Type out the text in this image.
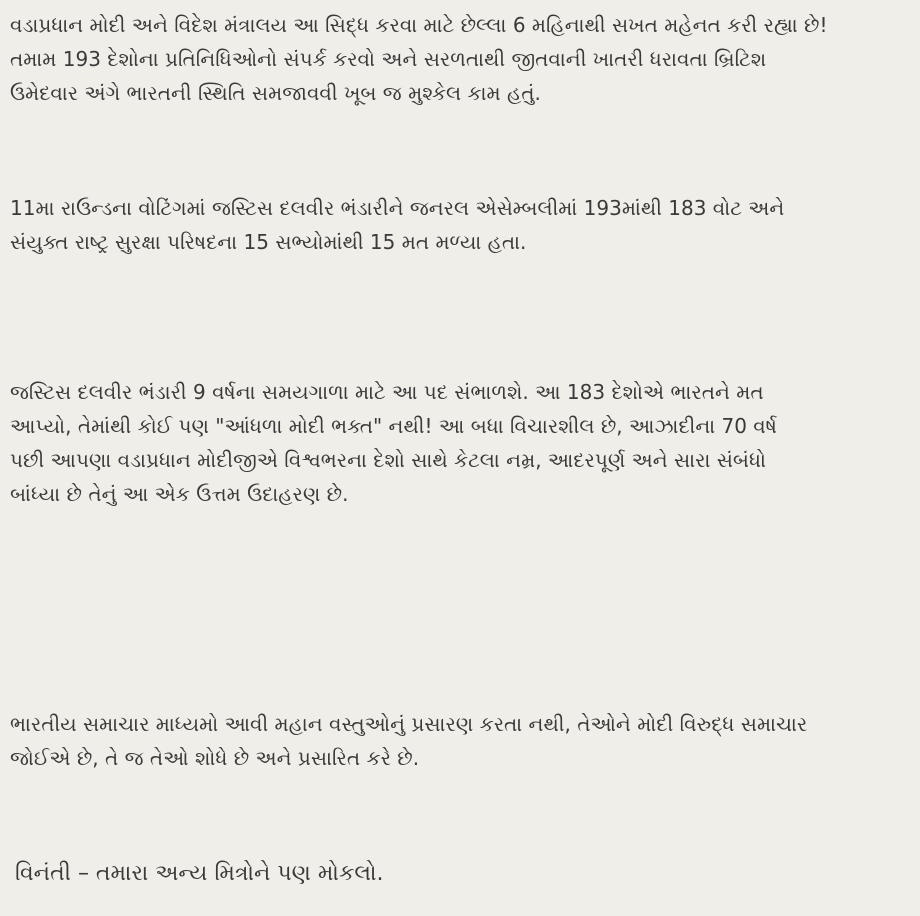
વડાપ્રધાન મોદી અને વિદેશ મંત્રાલય આ સિદ્ધ કરવા માટે છેલ્લા 6 મહિનાથી સખત મહેનત કરી રહ્યા છે!
તમામ 193 દેશોના પ્રતિનિધિઓનો સંપર્ક કરવો અને સરળતાથી જીતવાની ખાતરી ધરાવતા બ્રિટિશ
ઉમેદવાર અંગે ભારતની સ્થિતિ સમજાવવી ખૂબ જ મુશ્કેલ કામ હતું.

11મા રાઉન્ડના વોટિંગમાં જસ્ટિસ દલવીર ભંડારીને જનરલ એસેમ્બલીમાં 193માંથી 183 વોટ અને
સંયુક્ત રાષ્ટ્ર સુરક્ષા પરિષદના 15 સભ્યોમાંથી 15 મત મળ્યા હતા.

જસ્ટિસ દલવીર ભંડારી 9 વર્ષના સમયગાળા માટે આ પદ સંભાળશે. આ 183 દેશોએ ભારતને મત
આપ્યો, તેમાંથી કોઈ પણ "આંધળા મોદી ભક્ત" નથી! આ બધા વિચારશીલ છે, આઝાદીના 70 વર્ષ
પછી આપણા વડાપ્રધાન મોદીજીએ વિશ્વભરના દેશો સાથે કેટલા નમ્ર, આદરપૂર્ણ અને સારા સંબંધો
બાંધ્યા છે તેનું આ એક ઉત્તમ ઉદાહરણ છે.

ભારતીય સમાચાર માધ્યમો આવી મહાન વસ્તુઓનું પ્રસારણ કરતા નથી, તેઓને મોદી વિરુદ્ધ સમાચાર
જોઈએ છે, તે જ તેઓ શોધે છે અને પ્રસારિત કરે છે.

વિનંતી – તમારા અન્ય મિત્રોને પણ મોકલો.
